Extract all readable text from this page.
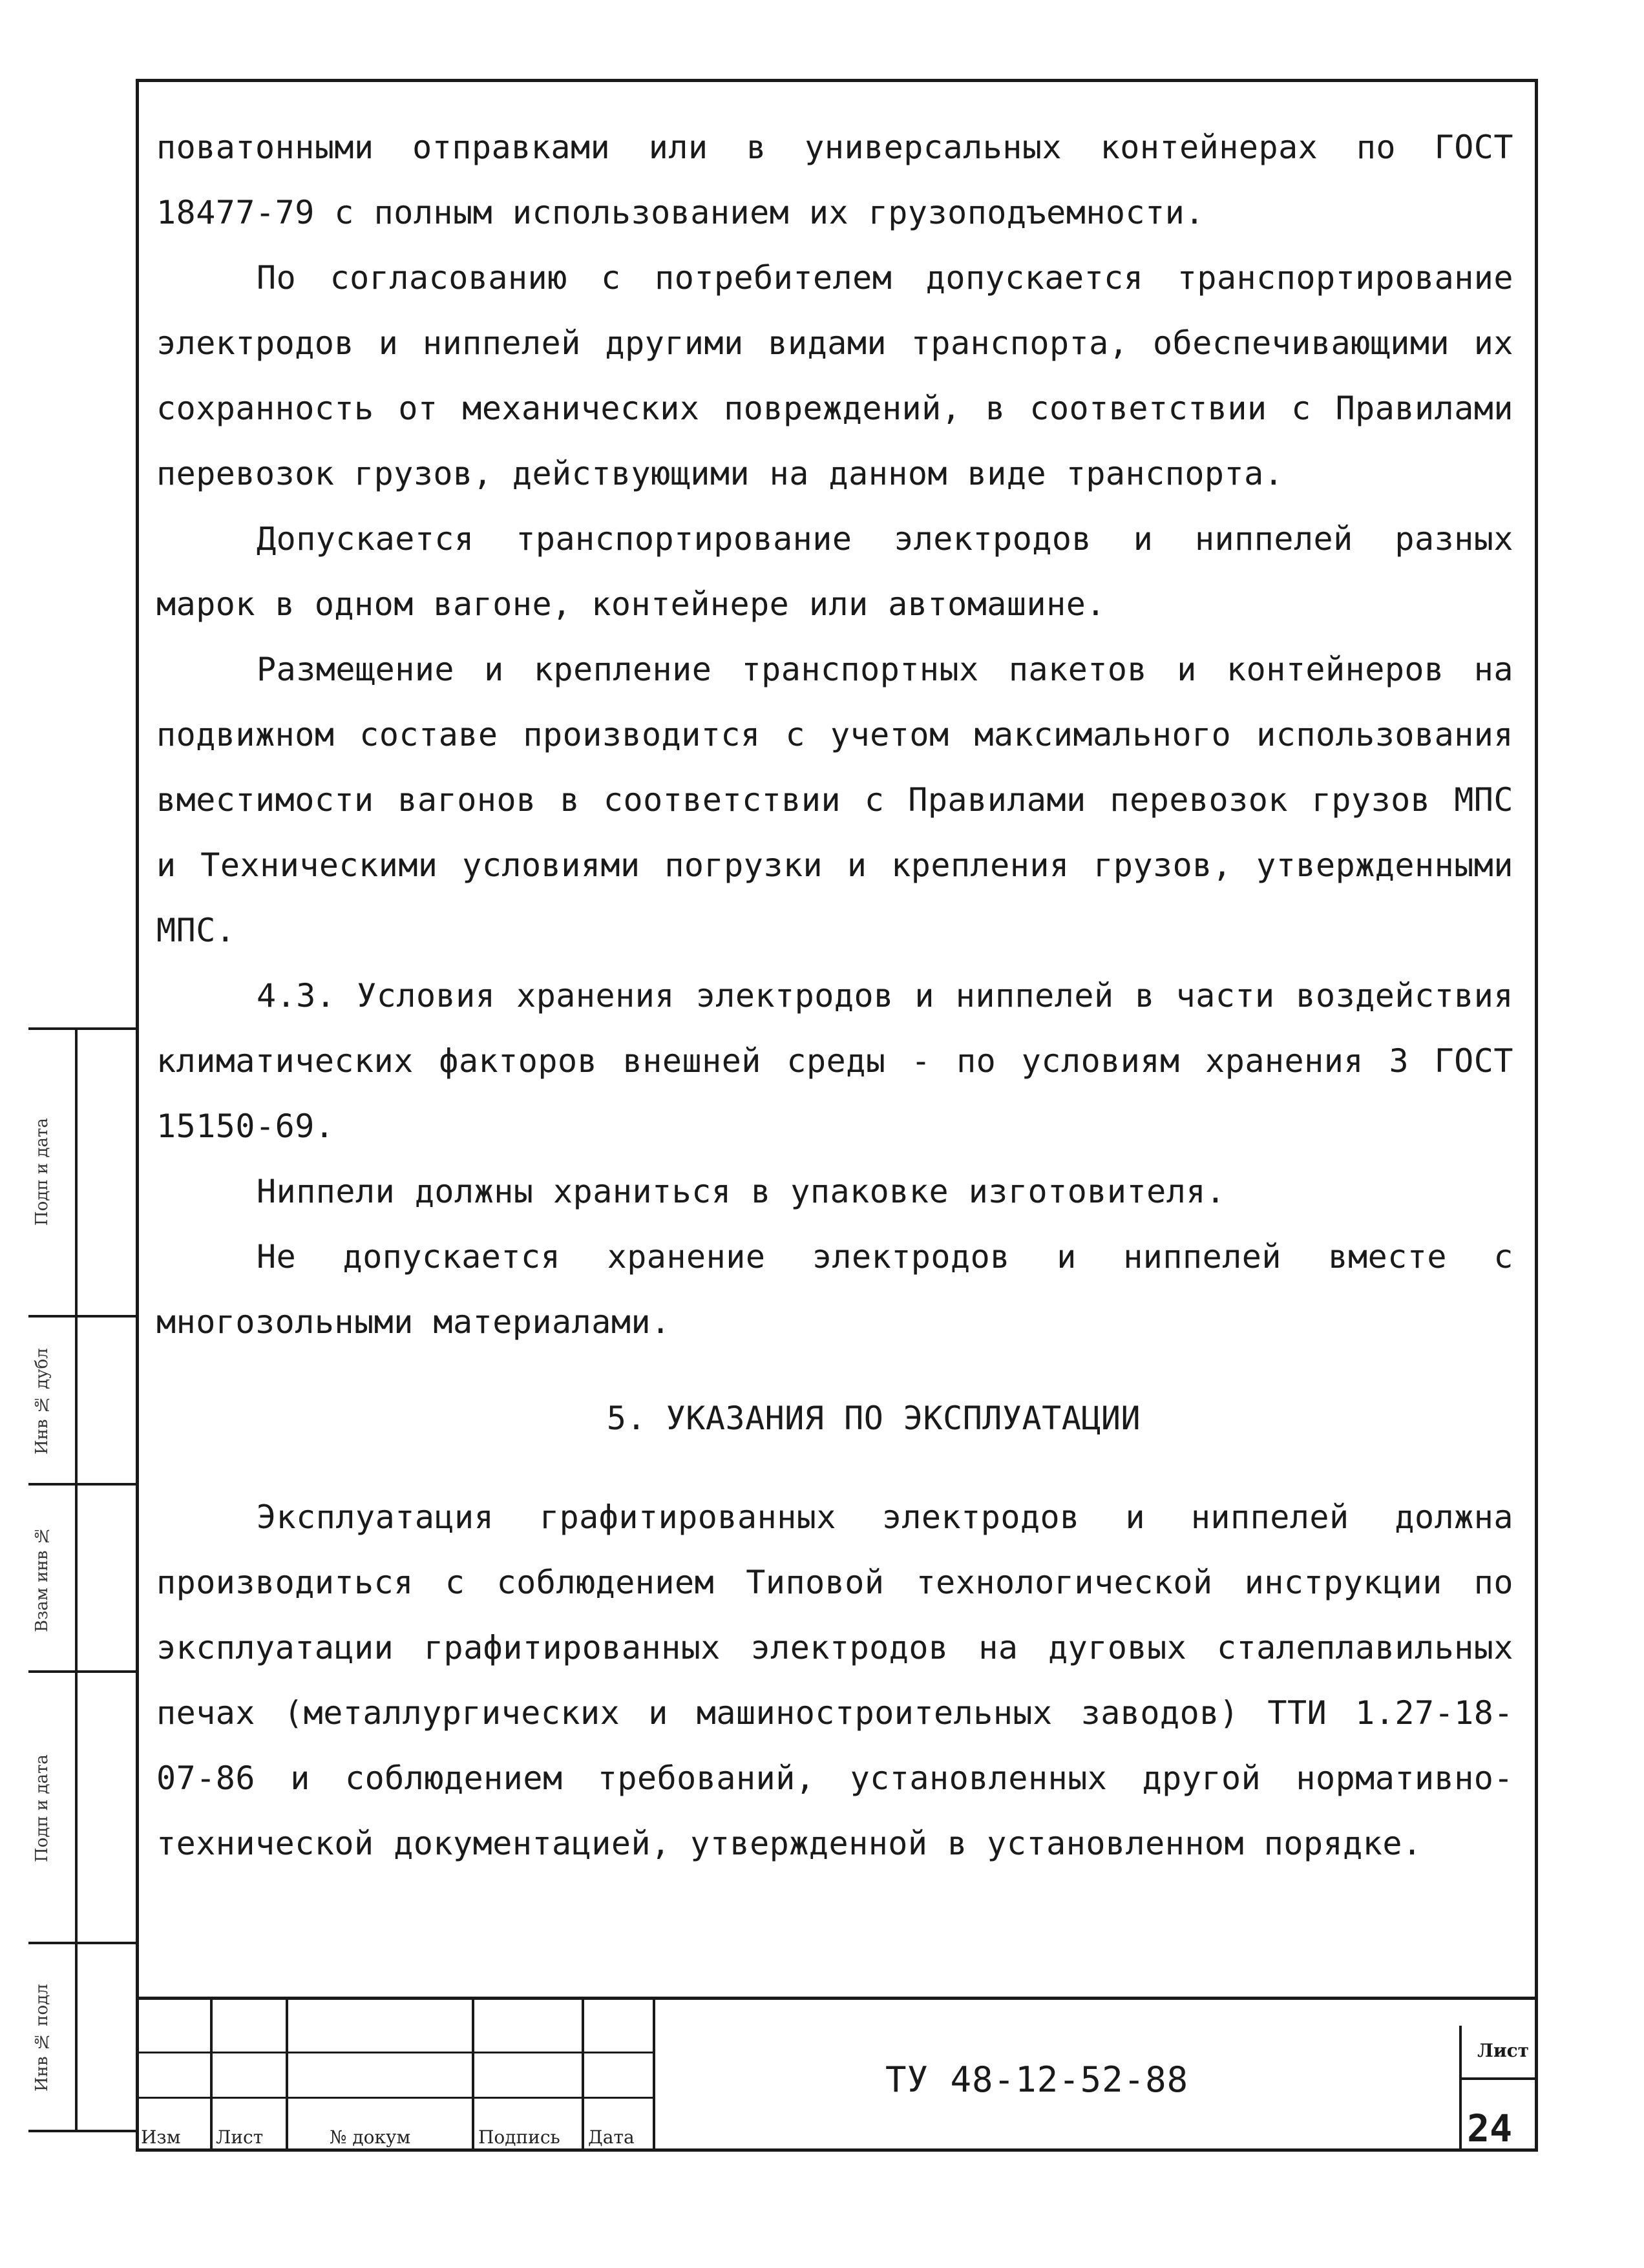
поватонными отправками или в универсальных контейнерах по ГОСТ 18477-79 с полным использованием их грузоподъемности.

По согласованию с потребителем допускается транспортирование электродов и ниппелей другими видами транспорта, обеспечивающими их сохранность от механических повреждений, в соответствии с Правилами перевозок грузов, действующими на данном виде транспорта.

Допускается транспортирование электродов и ниппелей разных марок в одном вагоне, контейнере или автомашине.

Размещение и крепление транспортных пакетов и контейнеров на подвижном составе производится с учетом максимального использования вместимости вагонов в соответствии с Правилами перевозок грузов МПС и Техническими условиями погрузки и крепления грузов, утвержденными МПС.

4.3. Условия хранения электродов и ниппелей в части воздействия климатических факторов внешней среды - по условиям хранения 3 ГОСТ 15150-69.

Ниппели должны храниться в упаковке изготовителя.

Не допускается хранение электродов и ниппелей вместе с многозольными материалами.

5. УКАЗАНИЯ ПО ЭКСПЛУАТАЦИИ

Эксплуатация графитированных электродов и ниппелей должна производиться с соблюдением Типовой технологической инструкции по эксплуатации графитированных электродов на дуговых сталеплавильных печах (металлургических и машиностроительных заводов) ТТИ 1.27-18-07-86 и соблюдением требований, установленных другой нормативно-технической документацией, утвержденной в установленном порядке.

Подп и дата
Инв № дубл
Взам инв №
Подп и дата
Инв № подл
Изм Лист	№ докум	Подпись Дата
ТУ 48-12-52-88
Лист
24
